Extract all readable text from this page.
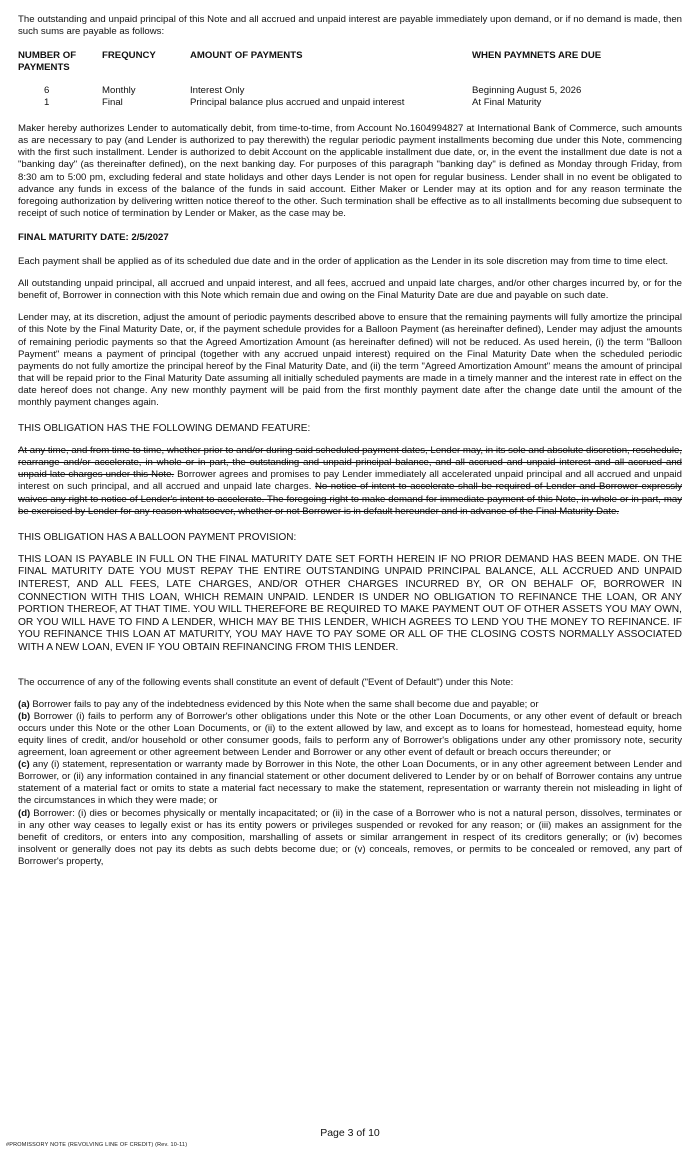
The outstanding and unpaid principal of this Note and all accrued and unpaid interest are payable immediately upon demand, or if no demand is made, then such sums are payable as follows:

NUMBER OF PAYMENTS	FREQUNCY	AMOUNT OF PAYMENTS	WHEN PAYMNETS ARE DUE
6	Monthly	Interest Only	Beginning August 5, 2026
1	Final	Principal balance plus accrued and unpaid interest	At Final Maturity

Maker hereby authorizes Lender to automatically debit, from time-to-time, from Account No.1604994827 at International Bank of Commerce, such amounts as are necessary to pay (and Lender is authorized to pay therewith) the regular periodic payment installments becoming due under this Note, commencing with the first such installment. Lender is authorized to debit Account on the applicable installment due date, or, in the event the installment due date is not a "banking day" (as thereinafter defined), on the next banking day. For purposes of this paragraph "banking day" is defined as Monday through Friday, from 8:30 am to 5:00 pm, excluding federal and state holidays and other days Lender is not open for regular business. Lender shall in no event be obligated to advance any funds in excess of the balance of the funds in said account. Either Maker or Lender may at its option and for any reason terminate the foregoing authorization by delivering written notice thereof to the other. Such termination shall be effective as to all installments becoming due subsequent to receipt of such notice of termination by Lender or Maker, as the case may be.

FINAL MATURITY DATE: 2/5/2027

Each payment shall be applied as of its scheduled due date and in the order of application as the Lender in its sole discretion may from time to time elect.

All outstanding unpaid principal, all accrued and unpaid interest, and all fees, accrued and unpaid late charges, and/or other charges incurred by, or for the benefit of, Borrower in connection with this Note which remain due and owing on the Final Maturity Date are due and payable on such date.

Lender may, at its discretion, adjust the amount of periodic payments described above to ensure that the remaining payments will fully amortize the principal of this Note by the Final Maturity Date, or, if the payment schedule provides for a Balloon Payment (as hereinafter defined), Lender may adjust the amounts of remaining periodic payments so that the Agreed Amortization Amount (as hereinafter defined) will not be reduced. As used herein, (i) the term "Balloon Payment" means a payment of principal (together with any accrued unpaid interest) required on the Final Maturity Date when the scheduled periodic payments do not fully amortize the principal hereof by the Final Maturity Date, and (ii) the term "Agreed Amortization Amount" means the amount of principal that will be repaid prior to the Final Maturity Date assuming all initially scheduled payments are made in a timely manner and the interest rate in effect on the date hereof does not change. Any new monthly payment will be paid from the first monthly payment date after the change date until the amount of the monthly payment changes again.

THIS OBLIGATION HAS THE FOLLOWING DEMAND FEATURE:

At any time, and from time to time, whether prior to and/or during said scheduled payment dates, Lender may, in its sole and absolute discretion, reschedule, rearrange and/or accelerate, in whole or in part, the outstanding and unpaid principal balance, and all accrued and unpaid interest and all accrued and unpaid late charges under this Note. Borrower agrees and promises to pay Lender immediately all accelerated unpaid principal and all accrued and unpaid interest on such principal, and all accrued and unpaid late charges. No notice of intent to accelerate shall be required of Lender and Borrower expressly waives any right to notice of Lender's intent to accelerate. The foregoing right to make demand for immediate payment of this Note, in whole or in part, may be exercised by Lender for any reason whatsoever, whether or not Borrower is in default hereunder and in advance of the Final Maturity Date.

THIS OBLIGATION HAS A BALLOON PAYMENT PROVISION:

THIS LOAN IS PAYABLE IN FULL ON THE FINAL MATURITY DATE SET FORTH HEREIN IF NO PRIOR DEMAND HAS BEEN MADE. ON THE FINAL MATURITY DATE YOU MUST REPAY THE ENTIRE OUTSTANDING UNPAID PRINCIPAL BALANCE, ALL ACCRUED AND UNPAID INTEREST, AND ALL FEES, LATE CHARGES, AND/OR OTHER CHARGES INCURRED BY, OR ON BEHALF OF, BORROWER IN CONNECTION WITH THIS LOAN, WHICH REMAIN UNPAID. LENDER IS UNDER NO OBLIGATION TO REFINANCE THE LOAN, OR ANY PORTION THEREOF, AT THAT TIME. YOU WILL THEREFORE BE REQUIRED TO MAKE PAYMENT OUT OF OTHER ASSETS YOU MAY OWN, OR YOU WILL HAVE TO FIND A LENDER, WHICH MAY BE THIS LENDER, WHICH AGREES TO LEND YOU THE MONEY TO REFINANCE. IF YOU REFINANCE THIS LOAN AT MATURITY, YOU MAY HAVE TO PAY SOME OR ALL OF THE CLOSING COSTS NORMALLY ASSOCIATED WITH A NEW LOAN, EVEN IF YOU OBTAIN REFINANCING FROM THIS LENDER.

The occurrence of any of the following events shall constitute an event of default ("Event of Default") under this Note:

(a) Borrower fails to pay any of the indebtedness evidenced by this Note when the same shall become due and payable; or

(b) Borrower (i) fails to perform any of Borrower's other obligations under this Note or the other Loan Documents, or any other event of default or breach occurs under this Note or the other Loan Documents, or (ii) to the extent allowed by law, and except as to loans for homestead, homestead equity, home equity lines of credit, and/or household or other consumer goods, fails to perform any of Borrower's obligations under any other promissory note, security agreement, loan agreement or other agreement between Lender and Borrower or any other event of default or breach occurs thereunder; or

(c) any (i) statement, representation or warranty made by Borrower in this Note, the other Loan Documents, or in any other agreement between Lender and Borrower, or (ii) any information contained in any financial statement or other document delivered to Lender by or on behalf of Borrower contains any untrue statement of a material fact or omits to state a material fact necessary to make the statement, representation or warranty therein not misleading in light of the circumstances in which they were made; or

(d) Borrower: (i) dies or becomes physically or mentally incapacitated; or (ii) in the case of a Borrower who is not a natural person, dissolves, terminates or in any other way ceases to legally exist or has its entity powers or privileges suspended or revoked for any reason; or (iii) makes an assignment for the benefit of creditors, or enters into any composition, marshalling of assets or similar arrangement in respect of its creditors generally; or (iv) becomes insolvent or generally does not pay its debts as such debts become due; or (v) conceals, removes, or permits to be concealed or removed, any part of Borrower's property,

Page 3 of 10
#PROMISSORY NOTE (REVOLVING LINE OF CREDIT) (Rev. 10-11)
